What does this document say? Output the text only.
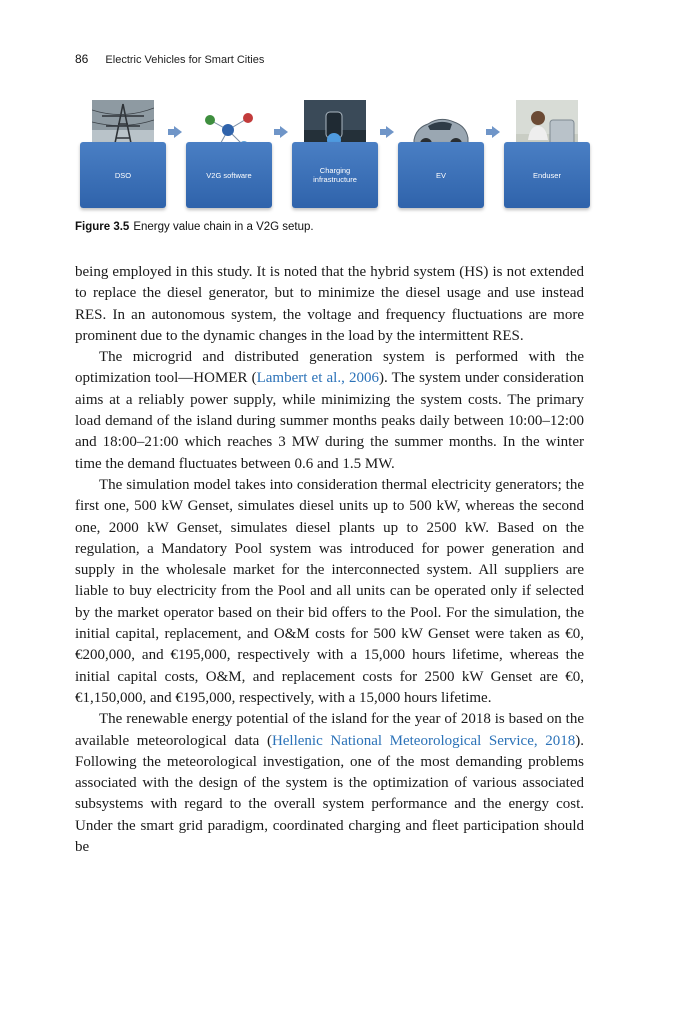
86 Electric Vehicles for Smart Cities
DSO	V2G software	Charging infrastructure	EV	Enduser
Figure 3.5 Energy value chain in a V2G setup.

being employed in this study. It is noted that the hybrid system (HS) is not extended to replace the diesel generator, but to minimize the diesel usage and use instead RES. In an autonomous system, the voltage and frequency fluctuations are more prominent due to the dynamic changes in the load by the intermittent RES.

The microgrid and distributed generation system is performed with the optimization tool—HOMER (Lambert et al., 2006). The system under consideration aims at a reliably power supply, while minimizing the system costs. The primary load demand of the island during summer months peaks daily between 10:00–12:00 and 18:00–21:00 which reaches 3 MW during the summer months. In the winter time the demand fluctuates between 0.6 and 1.5 MW.

The simulation model takes into consideration thermal electricity generators; the first one, 500 kW Genset, simulates diesel units up to 500 kW, whereas the second one, 2000 kW Genset, simulates diesel plants up to 2500 kW. Based on the regulation, a Mandatory Pool system was introduced for power generation and supply in the wholesale market for the interconnected system. All suppliers are liable to buy electricity from the Pool and all units can be operated only if selected by the market operator based on their bid offers to the Pool. For the simulation, the initial capital, replacement, and O&M costs for 500 kW Genset were taken as €0, €200,000, and €195,000, respectively with a 15,000 hours lifetime, whereas the initial capital costs, O&M, and replacement costs for 2500 kW Genset are €0, €1,150,000, and €195,000, respectively, with a 15,000 hours lifetime.

The renewable energy potential of the island for the year of 2018 is based on the available meteorological data (Hellenic National Meteorological Service, 2018). Following the meteorological investigation, one of the most demanding problems associated with the design of the system is the optimization of various associated subsystems with regard to the overall system performance and the energy cost. Under the smart grid paradigm, coordinated charging and fleet participation should be
